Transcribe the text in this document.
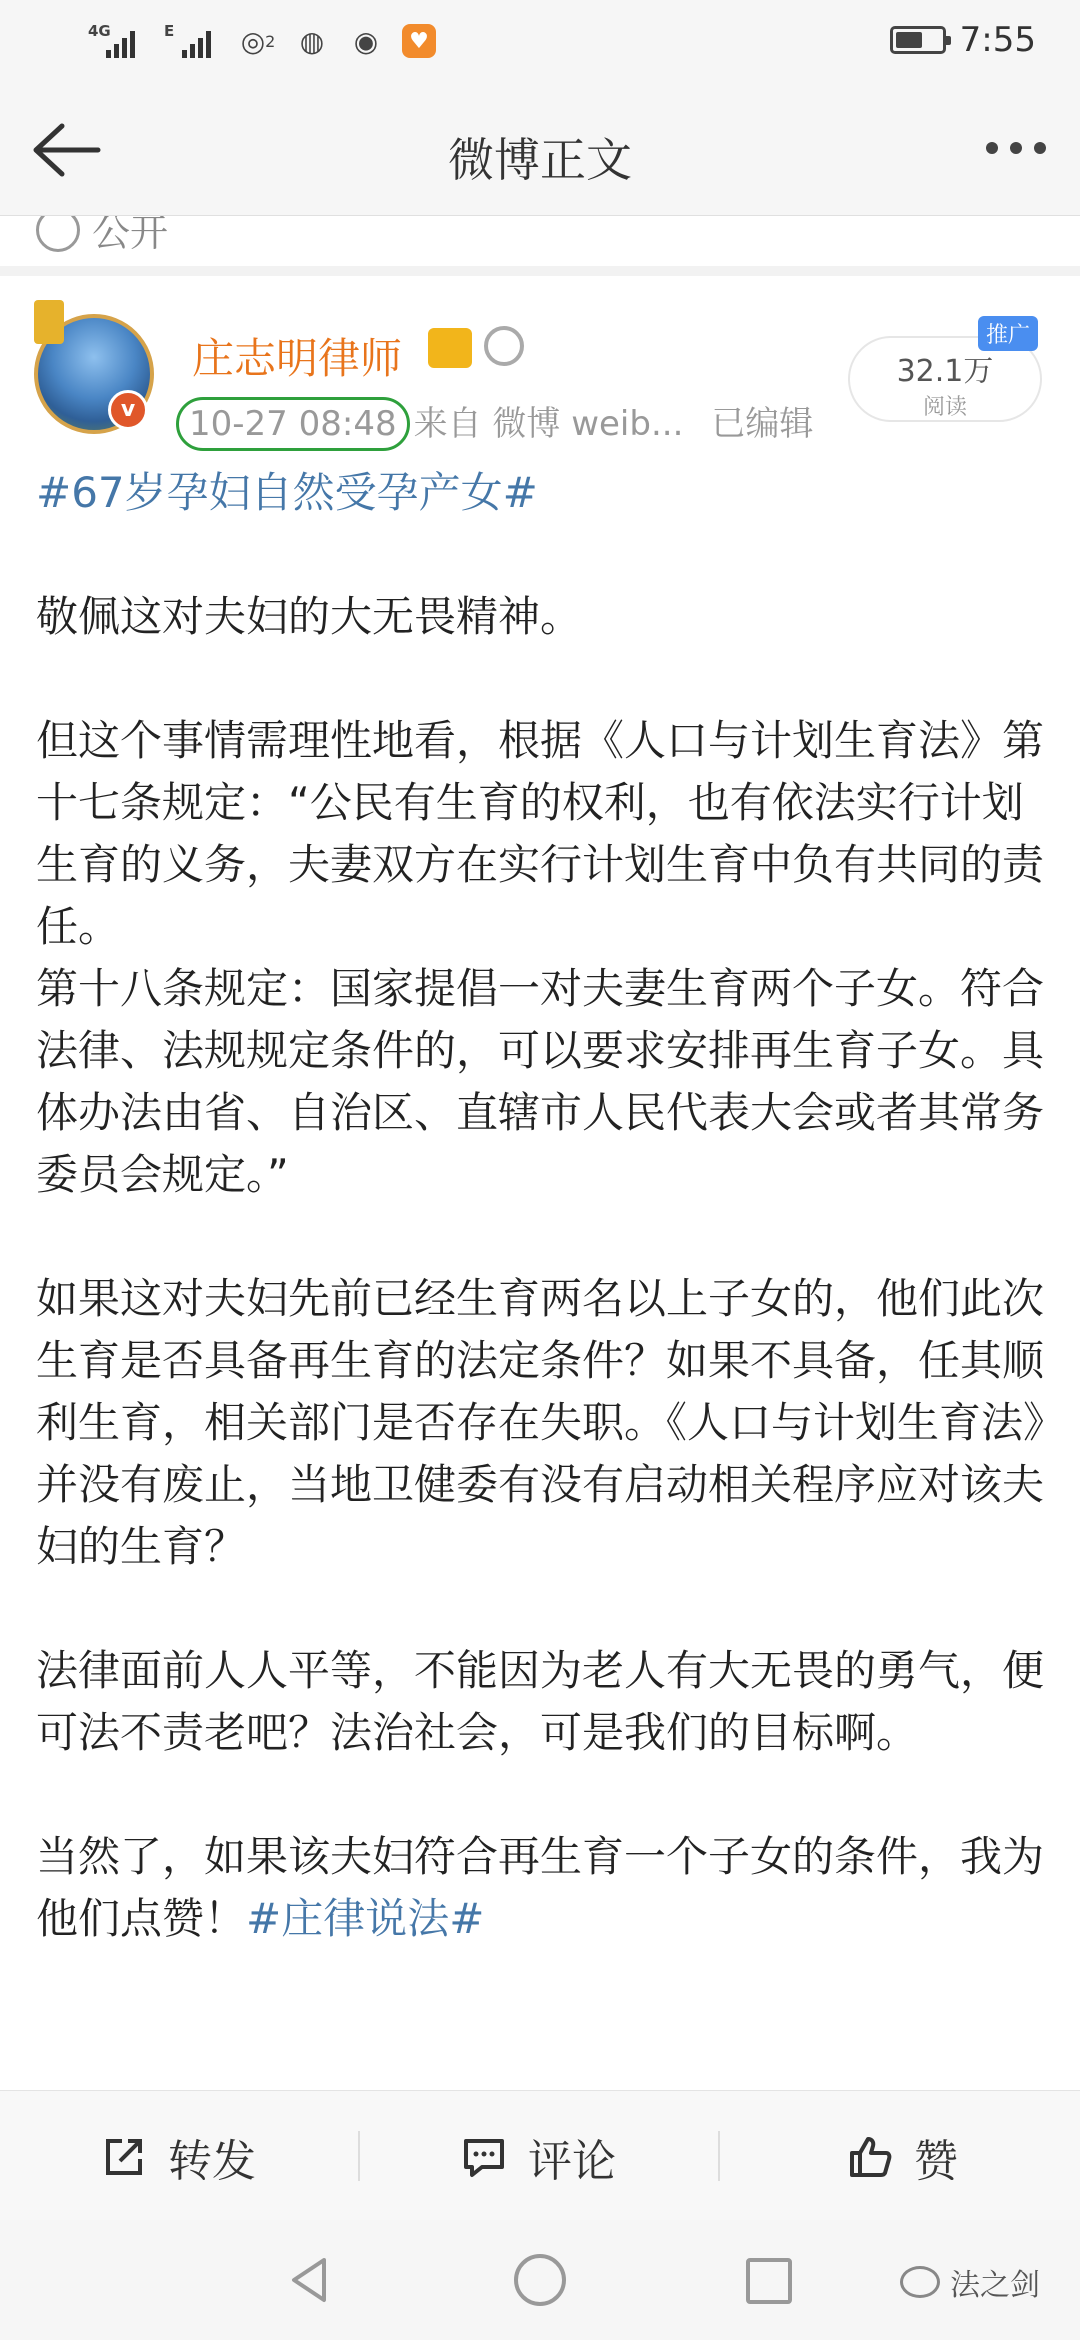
4G	E ◎ 2 ◍ ◉	♥	7:55
微博正文
公开
v
庄志明律师
10-27 08:48 来自 微博 weib... 已编辑
32.1万
阅读
推广

#67岁孕妇自然受孕产女#

敬佩这对夫妇的大无畏精神。

但这个事情需理性地看，根据《人口与计划生育法》第十七条规定：“公民有生育的权利，也有依法实行计划生育的义务，夫妻双方在实行计划生育中负有共同的责任。
第十八条规定：国家提倡一对夫妻生育两个子女。符合法律、法规规定条件的，可以要求安排再生育子女。具体办法由省、自治区、直辖市人民代表大会或者其常务委员会规定。”

如果这对夫妇先前已经生育两名以上子女的，他们此次生育是否具备再生育的法定条件？如果不具备，任其顺利生育，相关部门是否存在失职。《人口与计划生育法》并没有废止，当地卫健委有没有启动相关程序应对该夫妇的生育？

法律面前人人平等，不能因为老人有大无畏的勇气，便可法不责老吧？法治社会，可是我们的目标啊。

当然了，如果该夫妇符合再生育一个子女的条件，我为他们点赞！#庄律说法#

转发	评论	赞
法之剑
